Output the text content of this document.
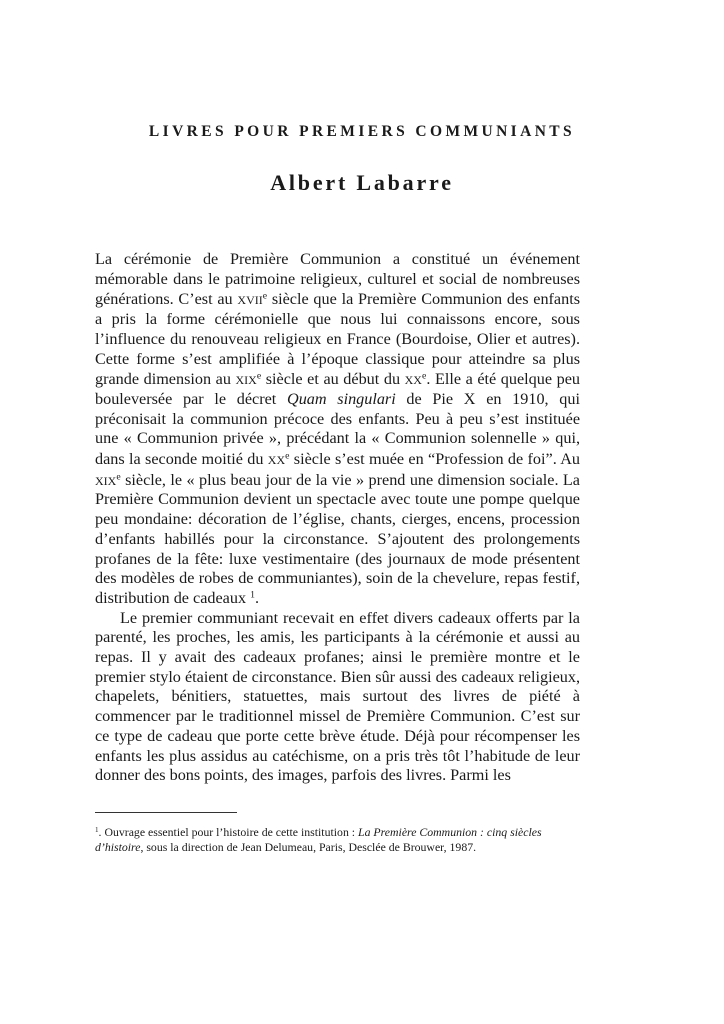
LIVRES POUR PREMIERS COMMUNIANTS
Albert Labarre

La cérémonie de Première Communion a constitué un événement mémorable dans le patrimoine religieux, culturel et social de nombreuses générations. C’est au xvii$^e$ siècle que la Première Communion des enfants a pris la forme cérémonielle que nous lui connaissons encore, sous l’influence du renouveau religieux en France (Bourdoise, Olier et autres). Cette forme s’est amplifiée à l’époque classique pour atteindre sa plus grande dimension au xix$^e$ siècle et au début du $xx^e$. Elle a été quelque peu bouleversée par le décret Quam singulari de Pie X en 1910, qui préconisait la communion précoce des enfants. Peu à peu s’est instituée une « Communion privée », précédant la « Communion solennelle » qui, dans la seconde moitié du $xx^e$ siècle s’est muée en “Profession de foi”. Au xix$^e$ siècle, le « plus beau jour de la vie » prend une dimension sociale. La Première Communion devient un spectacle avec toute une pompe quelque peu mondaine: décoration de l’église, chants, cierges, encens, procession d’enfants habillés pour la circonstance. S’ajoutent des prolongements profanes de la fête: luxe vestimentaire (des journaux de mode présentent des modèles de robes de communiantes), soin de la chevelure, repas festif, distribution de cadeaux $^1$.

Le premier communiant recevait en effet divers cadeaux offerts par la parenté, les proches, les amis, les participants à la cérémonie et aussi au repas. Il y avait des cadeaux profanes; ainsi le première montre et le premier stylo étaient de circonstance. Bien sûr aussi des cadeaux religieux, chapelets, bénitiers, statuettes, mais surtout des livres de piété à commencer par le traditionnel missel de Première Communion. C’est sur ce type de cadeau que porte cette brève étude. Déjà pour récompenser les enfants les plus assidus au catéchisme, on a pris très tôt l’habitude de leur donner des bons points, des images, parfois des livres. Parmi les

$^1$. Ouvrage essentiel pour l’histoire de cette institution : La Première Communion : cinq siècles d’histoire, sous la direction de Jean Delumeau, Paris, Desclée de Brouwer, 1987.
